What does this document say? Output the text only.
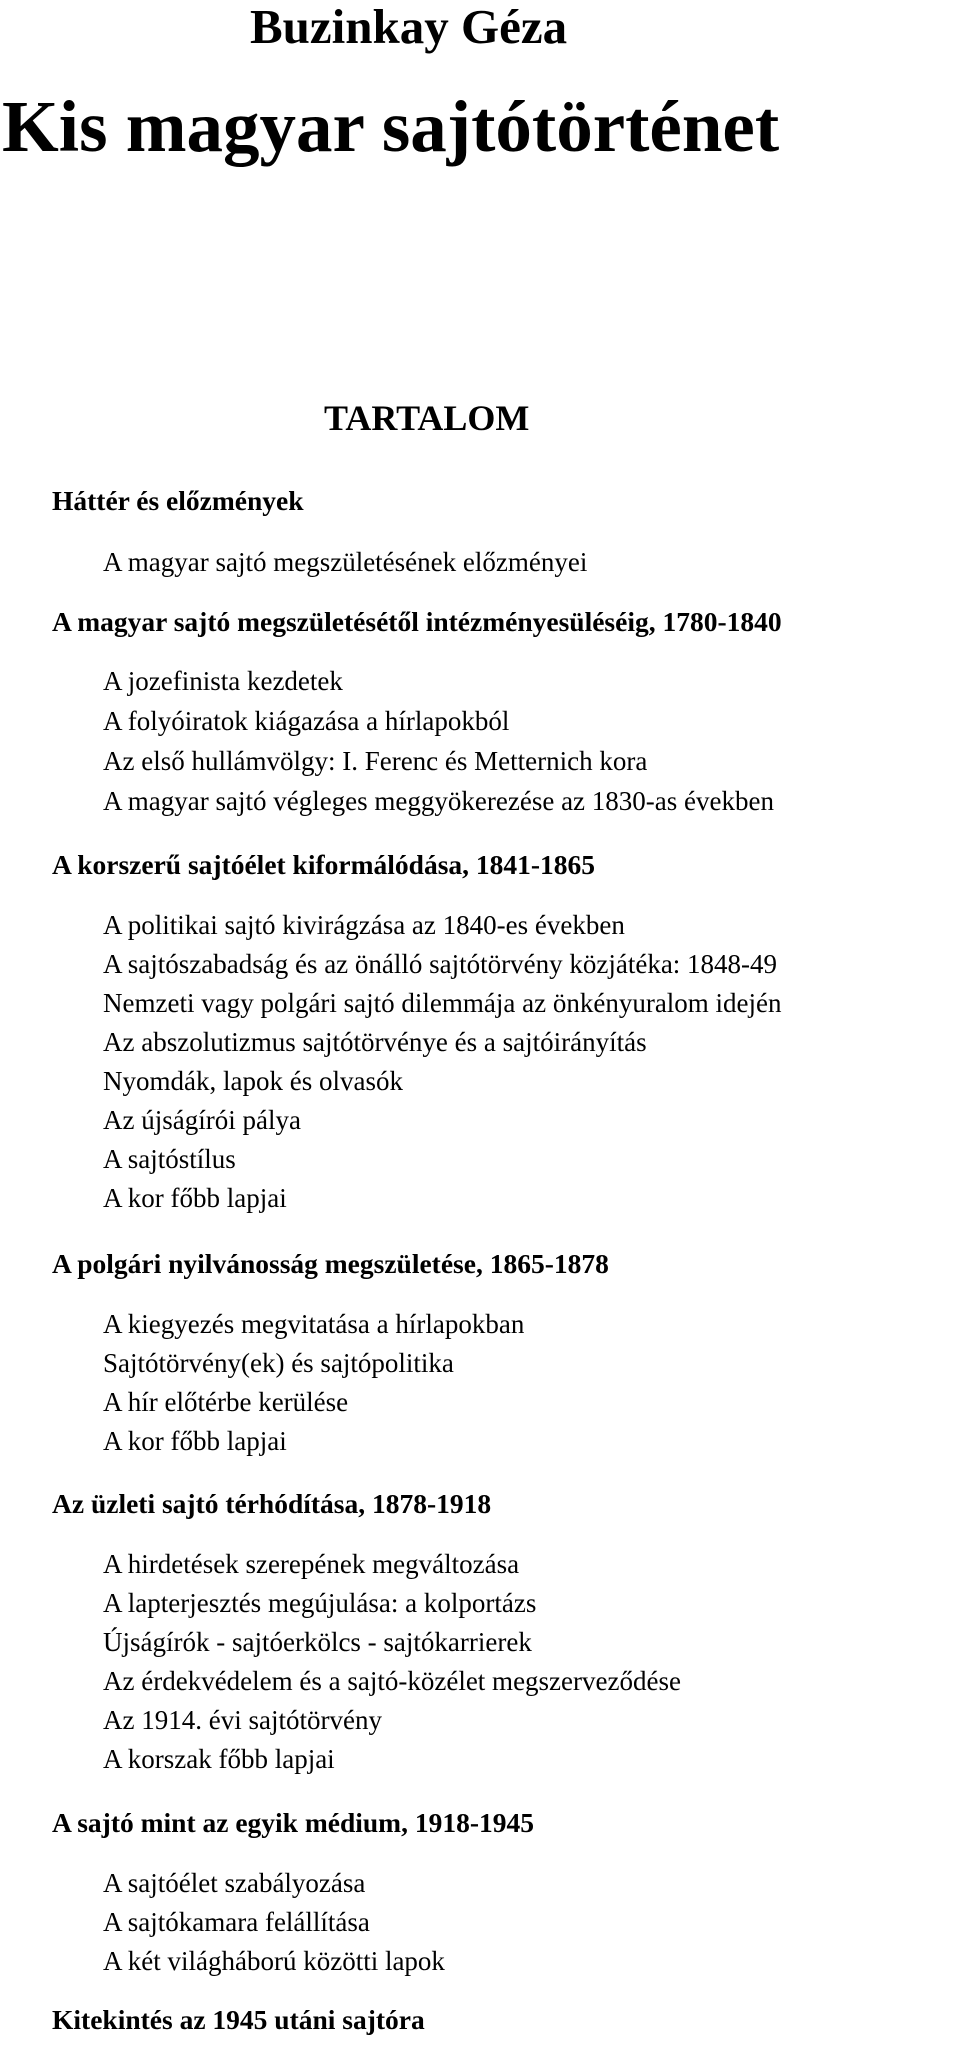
Buzinkay Géza
Kis magyar sajtótörténet
TARTALOM
Háttér és előzmények
A magyar sajtó megszületésének előzményei
A magyar sajtó megszületésétől intézményesüléséig, 1780-1840
A jozefinista kezdetek
A folyóiratok kiágazása a hírlapokból
Az első hullámvölgy: I. Ferenc és Metternich kora
A magyar sajtó végleges meggyökerezése az 1830-as években
A korszerű sajtóélet kiformálódása, 1841-1865
A politikai sajtó kivirágzása az 1840-es években
A sajtószabadság és az önálló sajtótörvény közjátéka: 1848-49
Nemzeti vagy polgári sajtó dilemmája az önkényuralom idején
Az abszolutizmus sajtótörvénye és a sajtóirányítás
Nyomdák, lapok és olvasók
Az újságírói pálya
A sajtóstílus
A kor főbb lapjai
A polgári nyilvánosság megszületése, 1865-1878
A kiegyezés megvitatása a hírlapokban
Sajtótörvény(ek) és sajtópolitika
A hír előtérbe kerülése
A kor főbb lapjai
Az üzleti sajtó térhódítása, 1878-1918
A hirdetések szerepének megváltozása
A lapterjesztés megújulása: a kolportázs
Újságírók - sajtóerkölcs - sajtókarrierek
Az érdekvédelem és a sajtó-közélet megszerveződése
Az 1914. évi sajtótörvény
A korszak főbb lapjai
A sajtó mint az egyik médium, 1918-1945
A sajtóélet szabályozása
A sajtókamara felállítása
A két világháború közötti lapok
Kitekintés az 1945 utáni sajtóra
